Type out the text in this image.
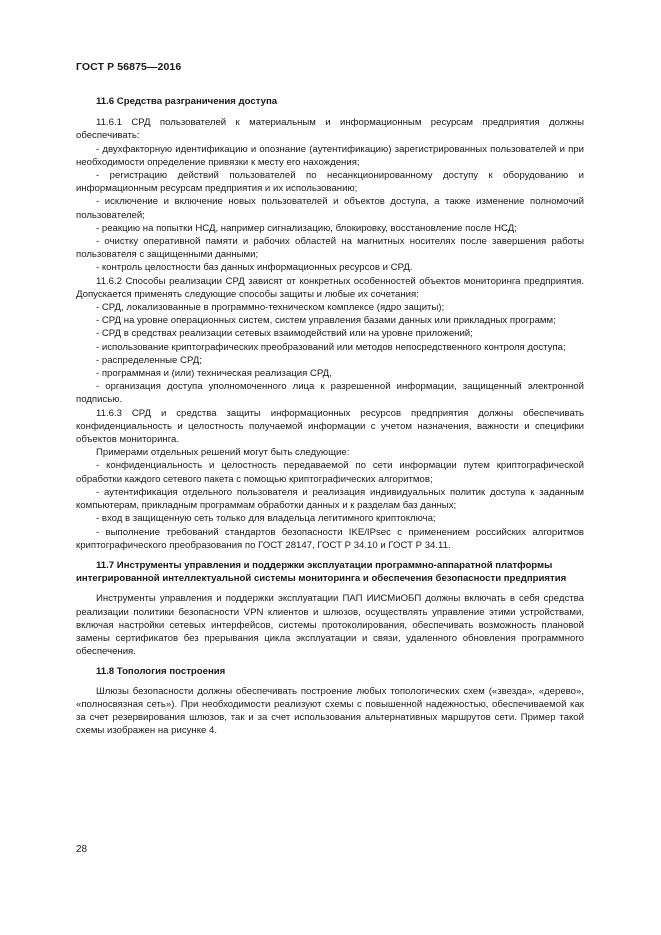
ГОСТ Р 56875—2016

11.6 Средства разграничения доступа

11.6.1 СРД пользователей к материальным и информационным ресурсам предприятия должны обеспечивать:

- двухфакторную идентификацию и опознание (аутентификацию) зарегистрированных пользователей и при необходимости определение привязки к месту его нахождения;

- регистрацию действий пользователей по несанкционированному доступу к оборудованию и информационным ресурсам предприятия и их использованию;

- исключение и включение новых пользователей и объектов доступа, а также изменение полномочий пользователей;

- реакцию на попытки НСД, например сигнализацию, блокировку, восстановление после НСД;

- очистку оперативной памяти и рабочих областей на магнитных носителях после завершения работы пользователя с защищенными данными;

- контроль целостности баз данных информационных ресурсов и СРД.

11.6.2 Способы реализации СРД зависят от конкретных особенностей объектов мониторинга предприятия. Допускается применять следующие способы защиты и любые их сочетания:

- СРД, локализованные в программно-техническом комплексе (ядро защиты);

- СРД на уровне операционных систем, систем управления базами данных или прикладных программ;

- СРД в средствах реализации сетевых взаимодействий или на уровне приложений;

- использование криптографических преобразований или методов непосредственного контроля доступа;

- распределенные СРД;

- программная и (или) техническая реализация СРД,

- организация доступа уполномоченного лица к разрешенной информации, защищенный электронной подписью.

11.6.3 СРД и средства защиты информационных ресурсов предприятия должны обеспечивать конфиденциальность и целостность получаемой информации с учетом назначения, важности и специфики объектов мониторинга.

Примерами отдельных решений могут быть следующие:

- конфиденциальность и целостность передаваемой по сети информации путем криптографической обработки каждого сетевого пакета с помощью криптографических алгоритмов;

- аутентификация отдельного пользователя и реализация индивидуальных политик доступа к заданным компьютерам, прикладным программам обработки данных и к разделам баз данных;

- вход в защищенную сеть только для владельца легитимного криптоключа;

- выполнение требований стандартов безопасности IKE/IPsec с применением российских алгоритмов криптографического преобразования по ГОСТ 28147, ГОСТ Р 34.10 и ГОСТ Р 34.11.

11.7 Инструменты управления и поддержки эксплуатации программно-аппаратной платформы интегрированной интеллектуальной системы мониторинга и обеспечения безопасности предприятия

Инструменты управления и поддержки эксплуатации ПАП ИИСМиОБП должны включать в себя средства реализации политики безопасности VPN клиентов и шлюзов, осуществлять управление этими устройствами, включая настройки сетевых интерфейсов, системы протоколирования, обеспечивать возможность плановой замены сертификатов без прерывания цикла эксплуатации и связи, удаленного обновления программного обеспечения.

11.8 Топология построения

Шлюзы безопасности должны обеспечивать построение любых топологических схем («звезда», «дерево», «полносвязная сеть»). При необходимости реализуют схемы с повышенной надежностью, обеспечиваемой как за счет резервирования шлюзов, так и за счет использования альтернативных маршрутов сети. Пример такой схемы изображен на рисунке 4.

28
